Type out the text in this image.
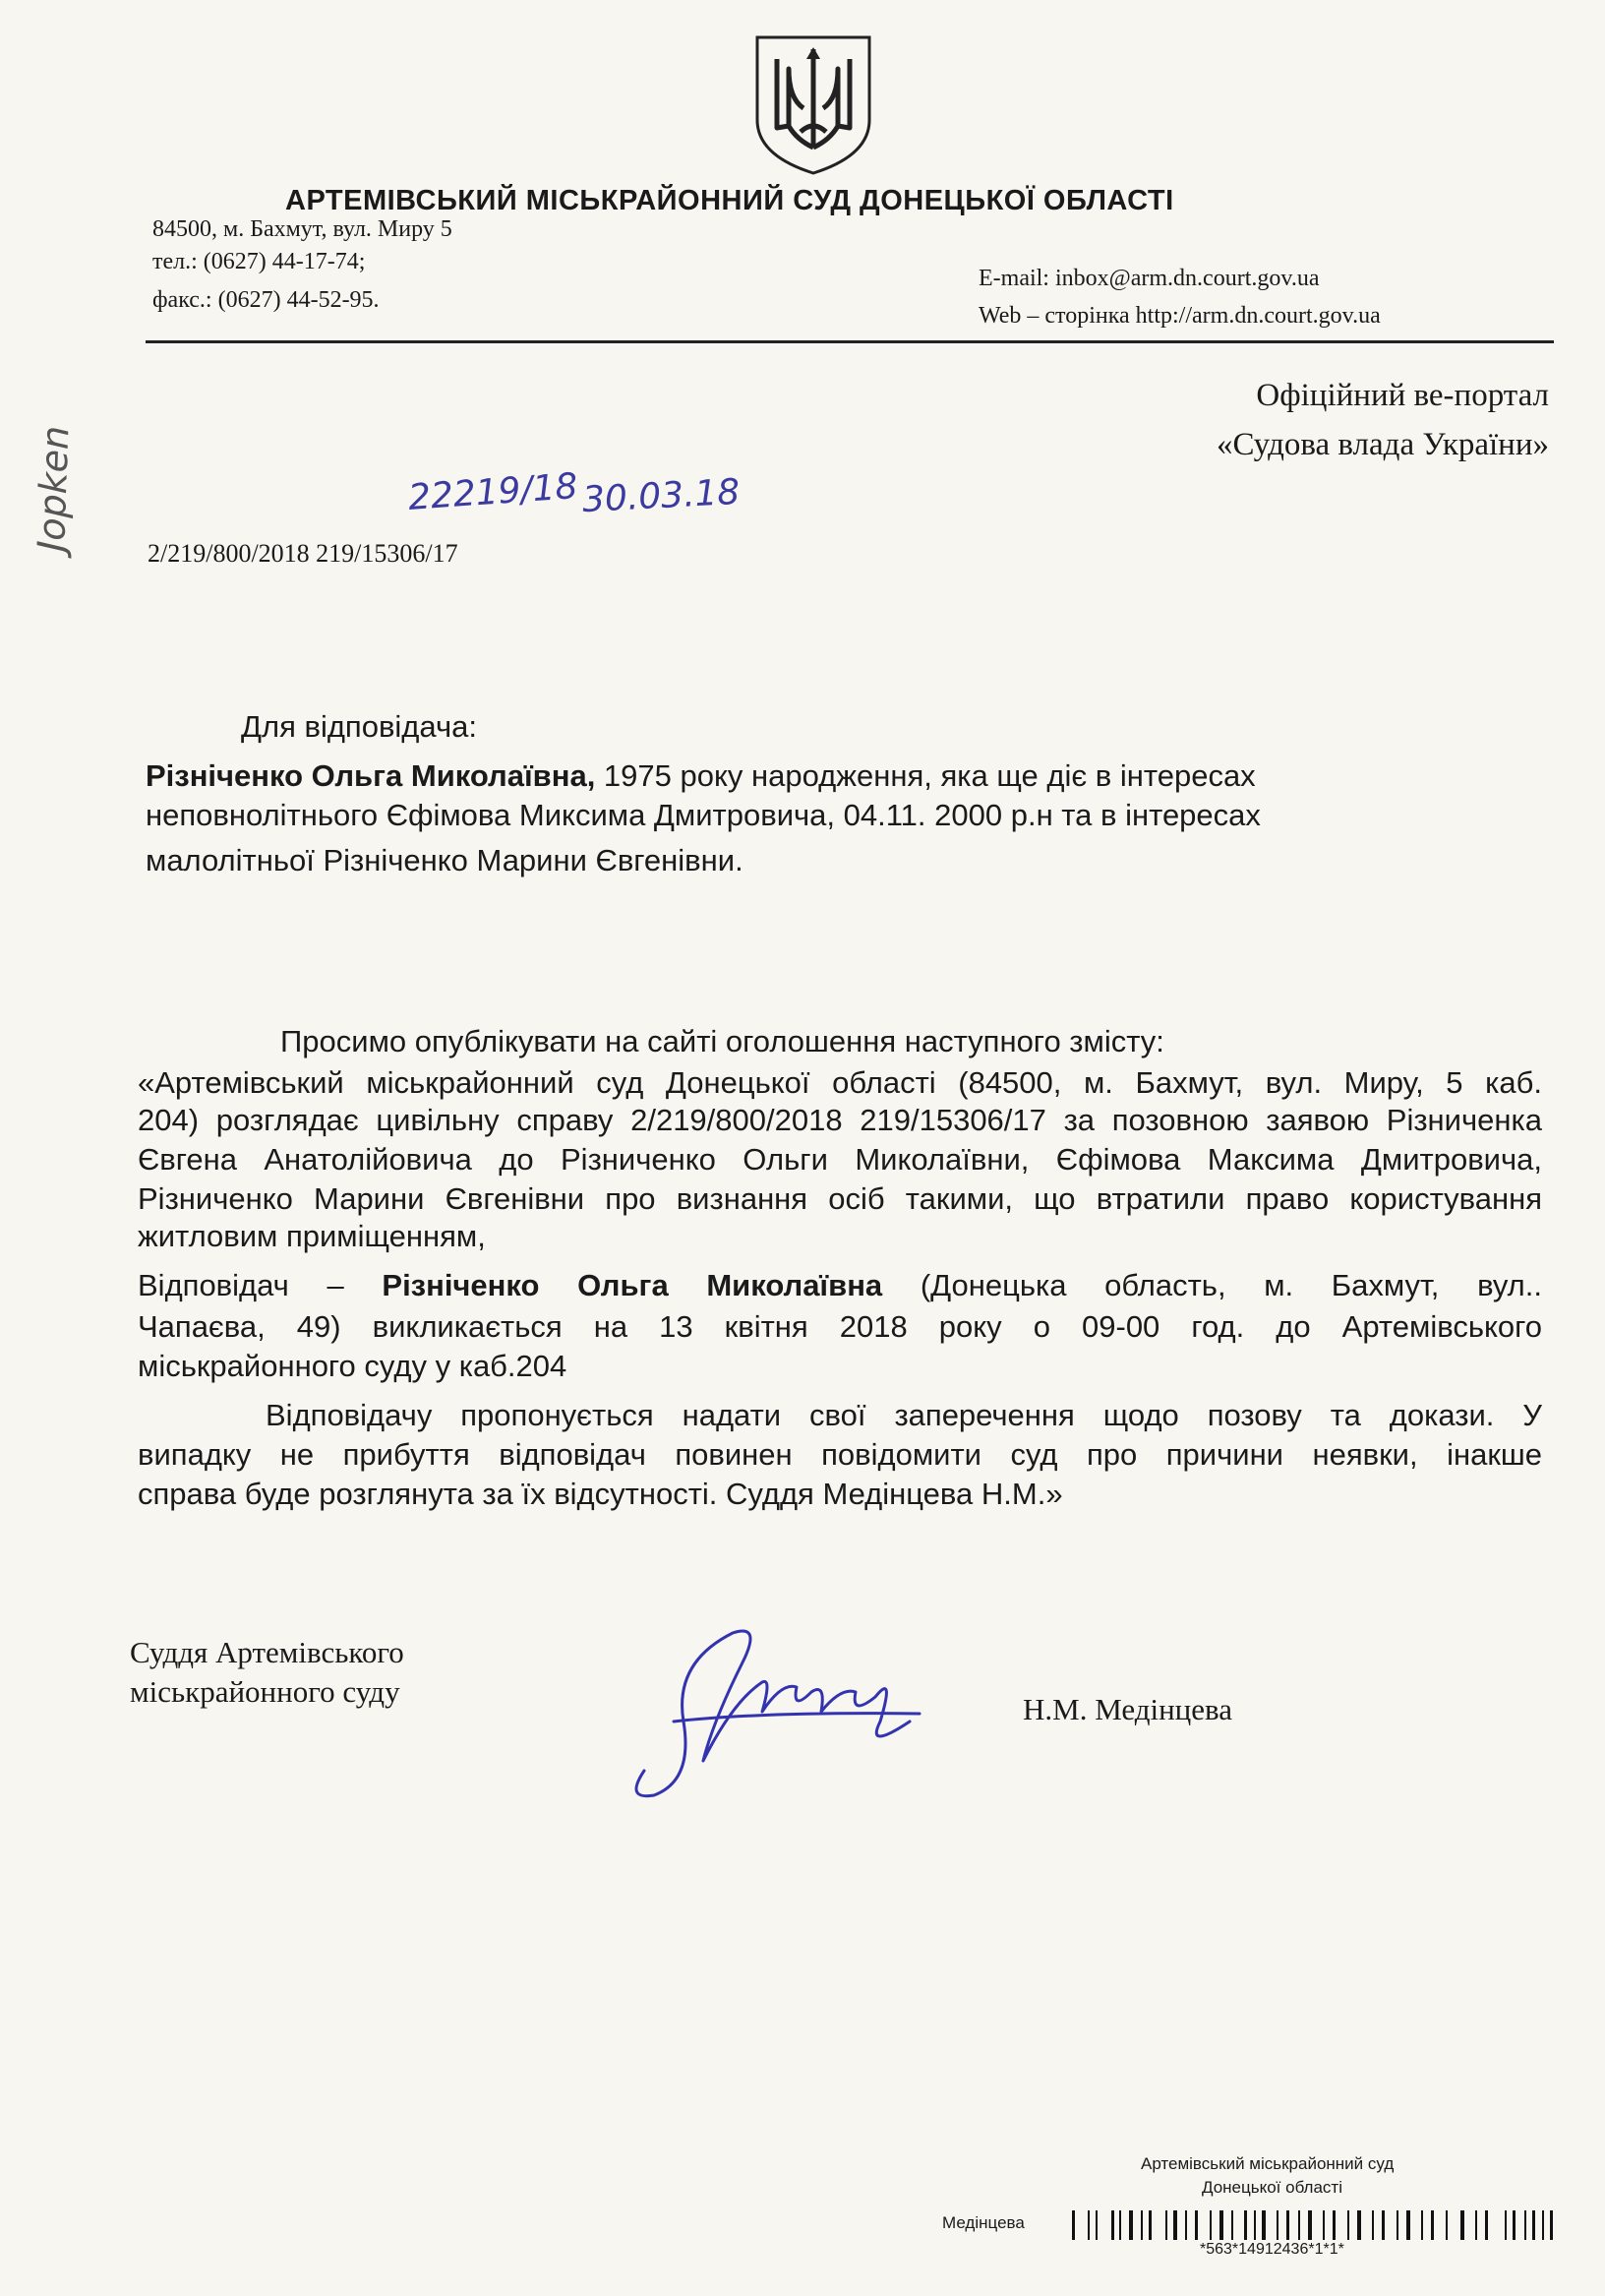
АРТЕМІВСЬКИЙ МІСЬКРАЙОННИЙ СУД ДОНЕЦЬКОЇ ОБЛАСТІ
84500, м. Бахмут, вул. Миру 5
тел.: (0627) 44-17-74;
факс.: (0627) 44-52-95.
E-mail: inbox@arm.dn.court.gov.ua
Web – сторінка http://arm.dn.court.gov.ua
Офіційний ве-портал
«Судова влада України»
22219/18 30.03.18
Jopken
2/219/800/2018 219/15306/17
Для відповідача:
Різніченко Ольга Миколаївна, 1975 року народження, яка ще діє в інтересах
неповнолітнього Єфімова Миксима Дмитровича, 04.11. 2000 р.н та в інтересах
малолітньої Різніченко Марини Євгенівни.
Просимо опублікувати на сайті оголошення наступного змісту:
«Артемівський міськрайонний суд Донецької області (84500, м. Бахмут, вул. Миру, 5 каб.
204) розглядає цивільну справу 2/219/800/2018 219/15306/17 за позовною заявою Різниченка
Євгена Анатолійовича до Різниченко Ольги Миколаївни, Єфімова Максима Дмитровича,
Різниченко Марини Євгенівни про визнання осіб такими, що втратили право користування
житловим приміщенням,
Відповідач – Різніченко Ольга Миколаївна (Донецька область, м. Бахмут, вул..
Чапаєва, 49) викликається на 13 квітня 2018 року о 09-00 год. до Артемівського
міськрайонного суду у каб.204
Відповідачу пропонується надати свої заперечення щодо позову та докази. У
випадку не прибуття відповідач повинен повідомити суд про причини неявки, інакше
справа буде розглянута за їх відсутності. Суддя Медінцева Н.М.»
Суддя Артемівського
міськрайонного суду
Н.М. Медінцева
Артемівський міськрайонний суд
Донецької області
Медінцева
*563*14912436*1*1*
